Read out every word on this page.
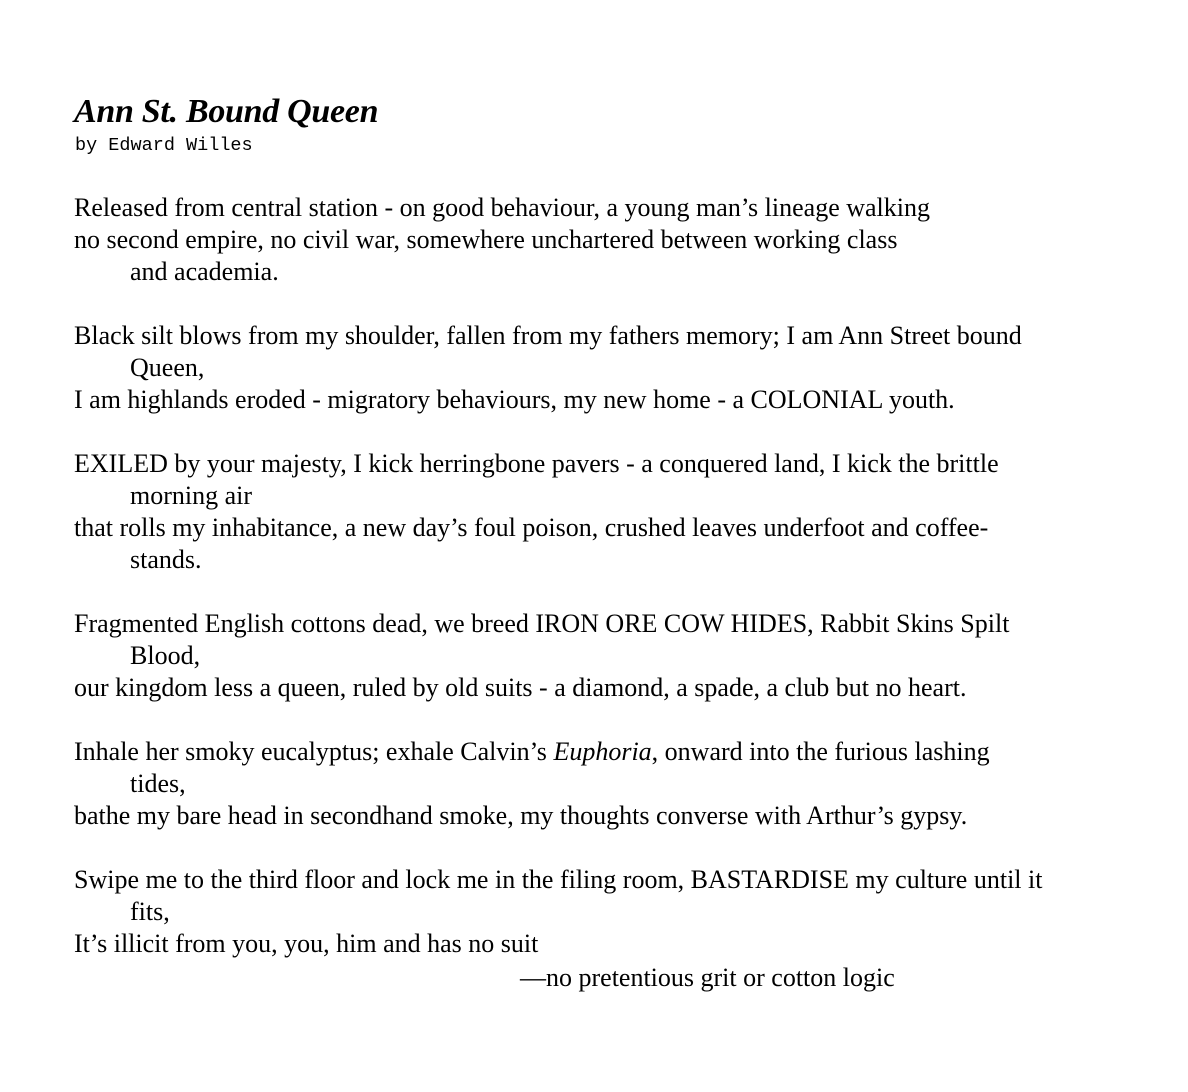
Ann St. Bound Queen
by Edward Willes
Released from central station - on good behaviour, a young man’s lineage walking
no second empire, no civil war, somewhere unchartered between working class
and academia.
Black silt blows from my shoulder, fallen from my fathers memory; I am Ann Street bound
Queen,
I am highlands eroded - migratory behaviours, my new home - a COLONIAL youth.
EXILED by your majesty, I kick herringbone pavers - a conquered land, I kick the brittle
morning air
that rolls my inhabitance, a new day’s foul poison, crushed leaves underfoot and coffee-
stands.
Fragmented English cottons dead, we breed IRON ORE COW HIDES, Rabbit Skins Spilt
Blood,
our kingdom less a queen, ruled by old suits - a diamond, a spade, a club but no heart.
Inhale her smoky eucalyptus; exhale Calvin’s Euphoria, onward into the furious lashing
tides,
bathe my bare head in secondhand smoke, my thoughts converse with Arthur’s gypsy.
Swipe me to the third floor and lock me in the filing room, BASTARDISE my culture until it
fits,
It’s illicit from you, you, him and has no suit
—no pretentious grit or cotton logic
